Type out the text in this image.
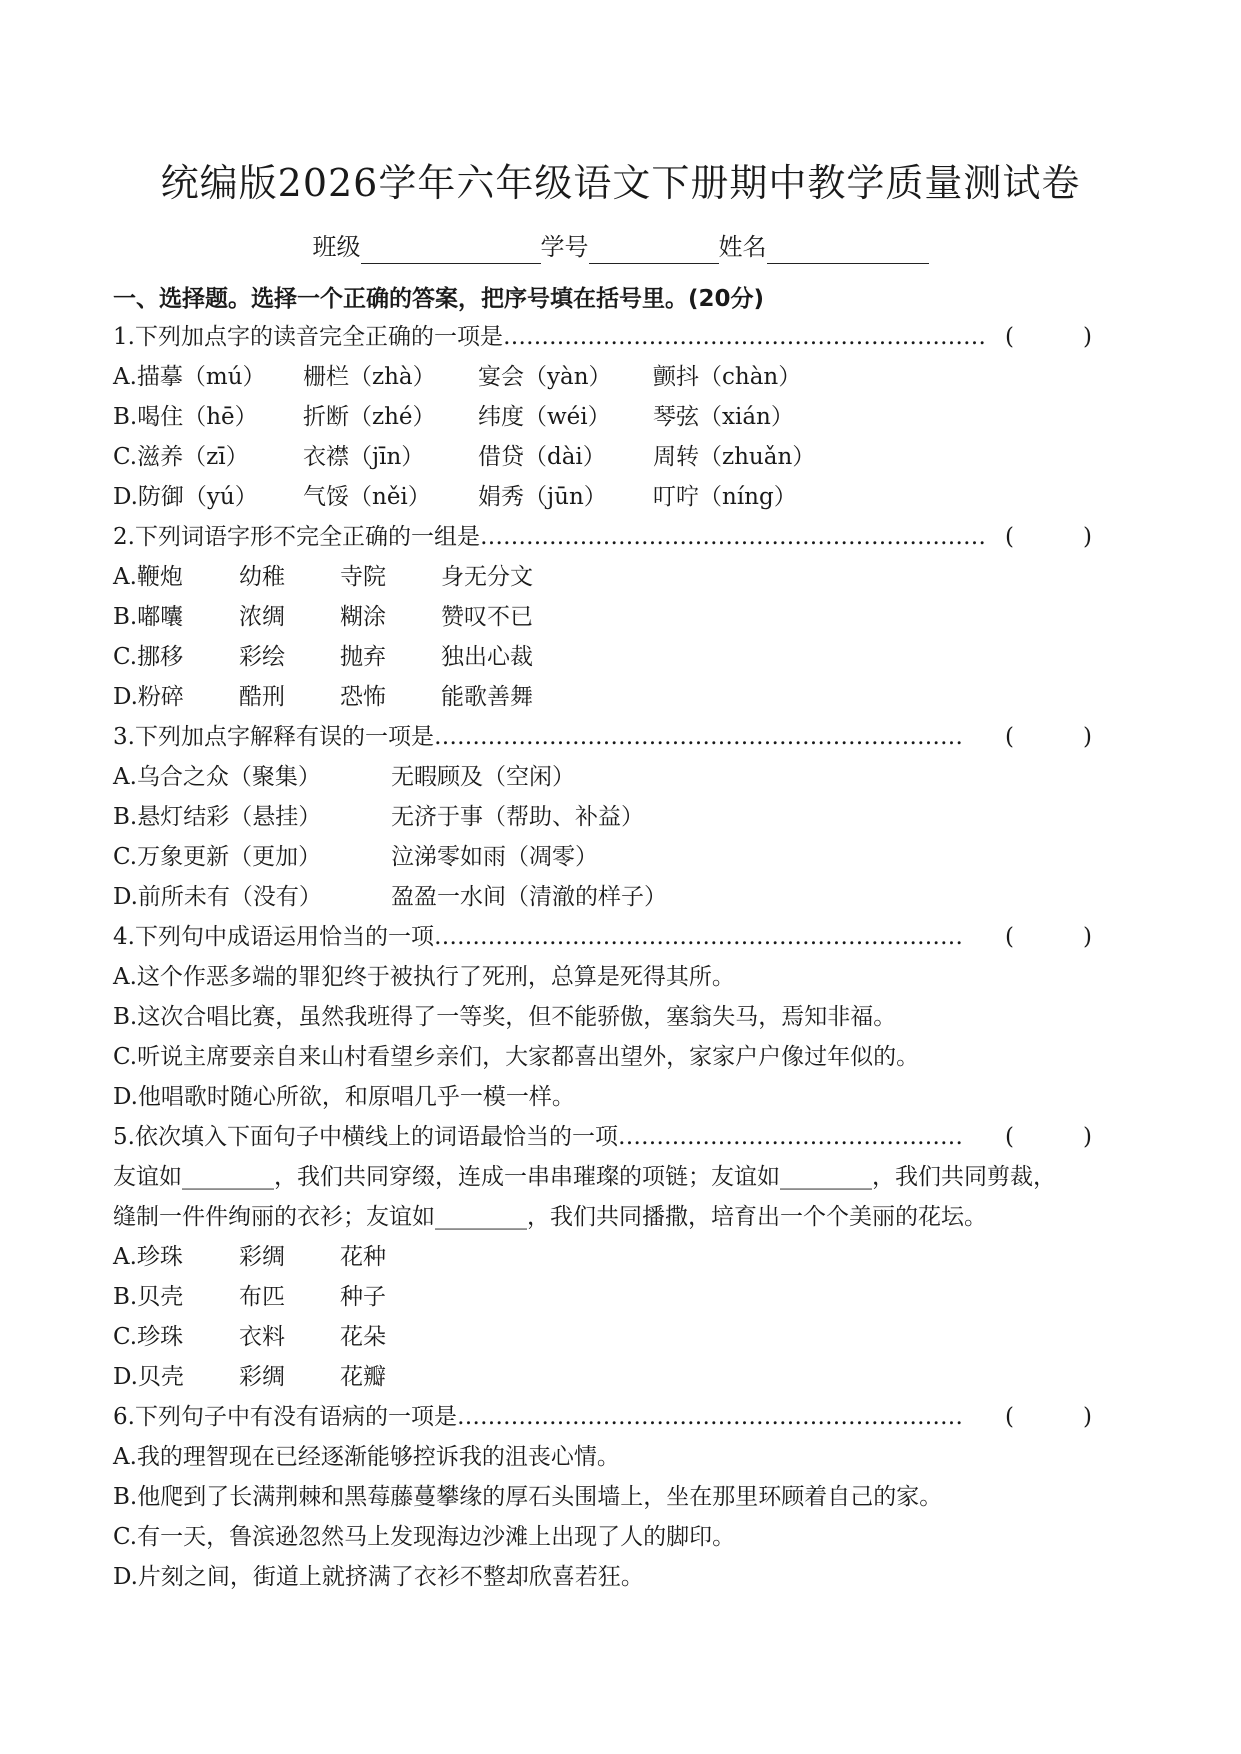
统编版2026学年六年级语文下册期中教学质量测试卷
班级	学号	姓名
一、选择题。选择一个正确的答案，把序号填在括号里。(20分)
1.下列加点字的读音完全正确的一项是……………………………………………………… (　　　)
A.描摹（mú） 栅栏（zhà） 宴会（yàn） 颤抖（chàn）
B.喝住（hē） 折断（zhé） 纬度（wéi） 琴弦（xián）
C.滋养（zī） 衣襟（jīn） 借贷（dài） 周转（zhuǎn）
D.防御（yú） 气馁（něi） 娟秀（jūn） 叮咛（níng）
2.下列词语字形不完全正确的一组是………………………………………………………… (　　　)
A.鞭炮 幼稚 寺院 身无分文
B.嘟囔 浓绸 糊涂 赞叹不已
C.挪移 彩绘 抛弃 独出心裁
D.粉碎 酷刑 恐怖 能歌善舞
3.下列加点字解释有误的一项是…………………………………………………………… (　　　)
A.乌合之众（聚集）	无暇顾及（空闲）
B.悬灯结彩（悬挂）	无济于事（帮助、补益）
C.万象更新（更加）	泣涕零如雨（凋零）
D.前所未有（没有）	盈盈一水间（清澈的样子）
4.下列句中成语运用恰当的一项…………………………………………………………… (　　　)
A.这个作恶多端的罪犯终于被执行了死刑，总算是死得其所。
B.这次合唱比赛，虽然我班得了一等奖，但不能骄傲，塞翁失马，焉知非福。
C.听说主席要亲自来山村看望乡亲们，大家都喜出望外，家家户户像过年似的。
D.他唱歌时随心所欲，和原唱几乎一模一样。
5.依次填入下面句子中横线上的词语最恰当的一项……………………………………… (　　　)
友谊如________，我们共同穿缀，连成一串串璀璨的项链；友谊如________，我们共同剪裁，
缝制一件件绚丽的衣衫；友谊如________，我们共同播撒，培育出一个个美丽的花坛。
A.珍珠 彩绸 花种
B.贝壳 布匹 种子
C.珍珠 衣料 花朵
D.贝壳 彩绸 花瓣
6.下列句子中有没有语病的一项是………………………………………………………… (　　　)
A.我的理智现在已经逐渐能够控诉我的沮丧心情。
B.他爬到了长满荆棘和黑莓藤蔓攀缘的厚石头围墙上，坐在那里环顾着自己的家。
C.有一天，鲁滨逊忽然马上发现海边沙滩上出现了人的脚印。
D.片刻之间，街道上就挤满了衣衫不整却欣喜若狂。
